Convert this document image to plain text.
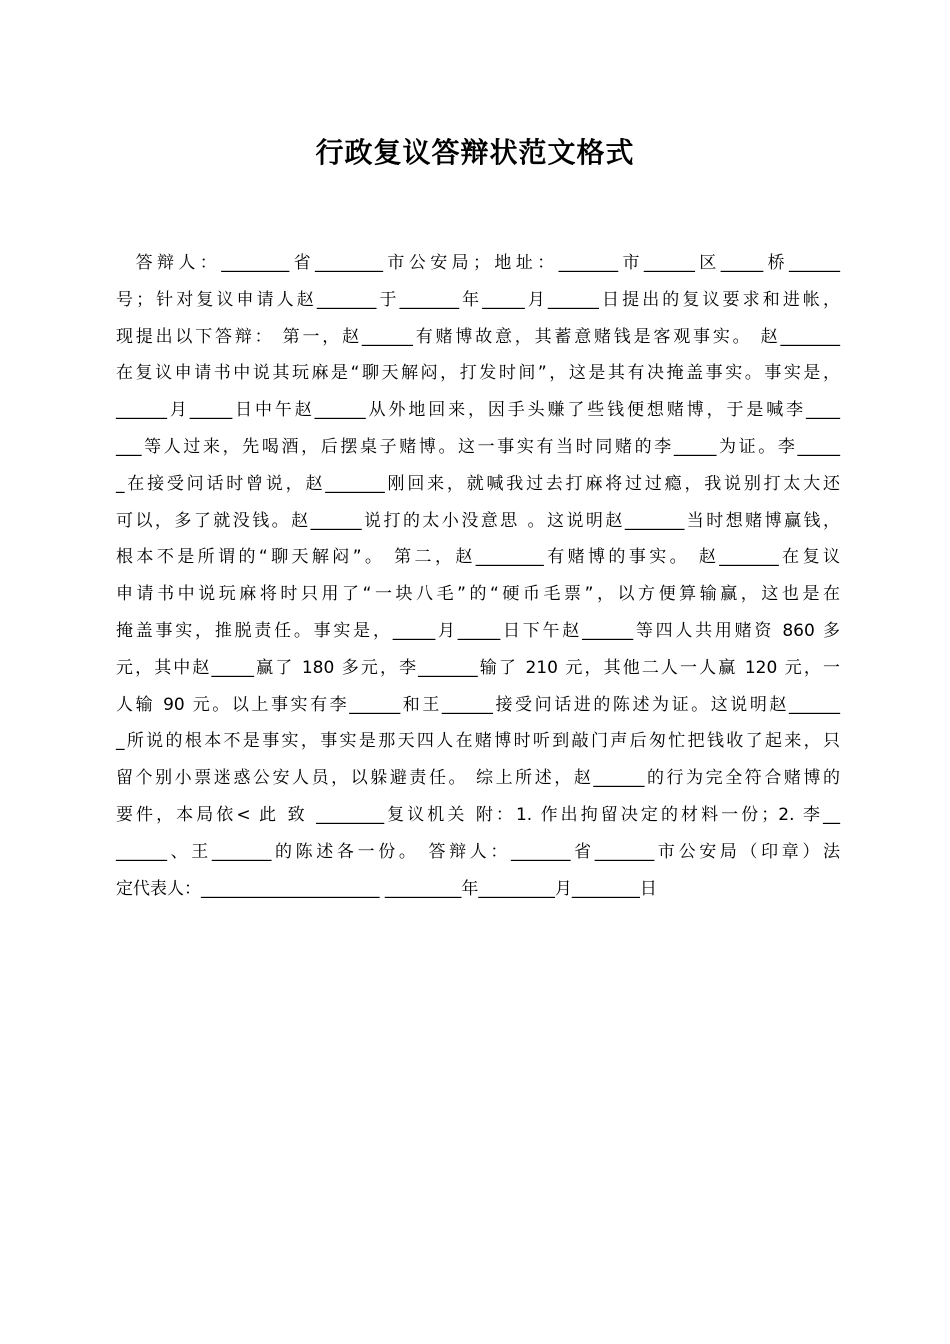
行政复议答辩状范文格式
答辩人：________省________市公安局；地址：_______市______区_____桥______
号；针对复议申请人赵_______于_______年_____月______日提出的复议要求和进帐，
现提出以下答辩： 第一，赵______有赌博故意，其蓄意赌钱是客观事实。 赵_______
在复议申请书中说其玩麻是“聊天解闷，打发时间”，这是其有决掩盖事实。事实是，
______月_____日中午赵______从外地回来，因手头赚了些钱便想赌博，于是喊李____
___等人过来，先喝酒，后摆桌子赌博。这一事实有当时同赌的李_____为证。李_____
_在接受问话时曾说，赵_______刚回来，就喊我过去打麻将过过瘾，我说别打太大还
可以，多了就没钱。赵______说打的太小没意思 。这说明赵_______当时想赌博赢钱，
根本不是所谓的“聊天解闷”。 第二，赵________有赌博的事实。 赵_______在复议
申请书中说玩麻将时只用了“一块八毛”的“硬币毛票”，以方便算输赢，这也是在
掩盖事实，推脱责任。事实是，_____月_____日下午赵______等四人共用赌资 860 多
元，其中赵_____赢了 180 多元，李_______输了 210 元，其他二人一人赢 120 元，一
人输 90 元。以上事实有李______和王______接受问话进的陈述为证。这说明赵______
_所说的根本不是事实，事实是那天四人在赌博时听到敲门声后匆忙把钱收了起来，只
留个别小票迷惑公安人员，以躲避责任。 综上所述，赵______的行为完全符合赌博的
要件，本局依< 此 致 ________复议机关 附：1. 作出拘留决定的材料一份；2. 李__
______、王_______的陈述各一份。 答辩人：_______省_______市公安局（印章）法
定代表人：_____________________ _________年_________月________日
